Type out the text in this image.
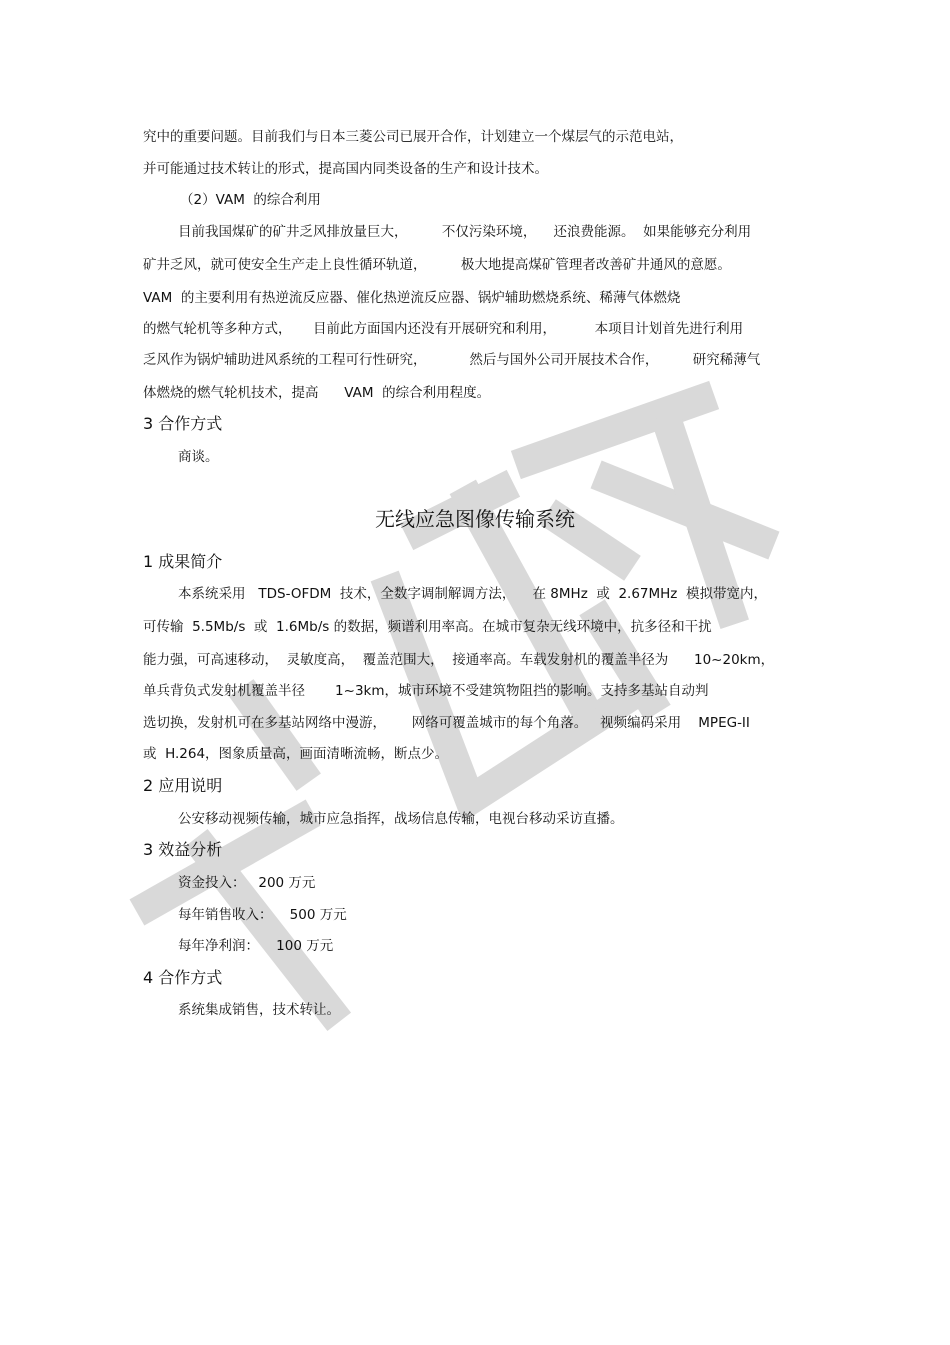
究中的重要问题。目前我们与日本三菱公司已展开合作，计划建立一个煤层气的示范电站，
并可能通过技术转让的形式，提高国内同类设备的生产和设计技术。
（2）VAM  的综合利用
目前我国煤矿的矿井乏风排放量巨大，        不仅污染环境，    还浪费能源。  如果能够充分利用
矿井乏风，就可使安全生产走上良性循环轨道，        极大地提高煤矿管理者改善矿井通风的意愿。
VAM  的主要利用有热逆流反应器、催化热逆流反应器、锅炉辅助燃烧系统、稀薄气体燃烧
的燃气轮机等多种方式，     目前此方面国内还没有开展研究和利用，         本项目计划首先进行利用
乏风作为锅炉辅助进风系统的工程可行性研究，          然后与国外公司开展技术合作，        研究稀薄气
体燃烧的燃气轮机技术，提高      VAM  的综合利用程度。
3 合作方式
商谈。
无线应急图像传输系统
1 成果简介
本系统采用   TDS-OFDM  技术，全数字调制解调方法，    在 8MHz  或  2.67MHz  模拟带宽内，
可传输  5.5Mb/s  或  1.6Mb/s 的数据，频谱利用率高。在城市复杂无线环境中，抗多径和干扰
能力强，可高速移动，  灵敏度高，  覆盖范围大，  接通率高。车载发射机的覆盖半径为      10~20km，
单兵背负式发射机覆盖半径       1~3km，城市环境不受建筑物阻挡的影响。支持多基站自动判
选切换，发射机可在多基站网络中漫游，      网络可覆盖城市的每个角落。   视频编码采用    MPEG-II
或  H.264，图象质量高，画面清晰流畅，断点少。
2 应用说明
公安移动视频传输，城市应急指挥，战场信息传输，电视台移动采访直播。
3 效益分析
资金投入：   200 万元
每年销售收入：    500 万元
每年净利润：    100 万元
4 合作方式
系统集成销售，技术转让。
